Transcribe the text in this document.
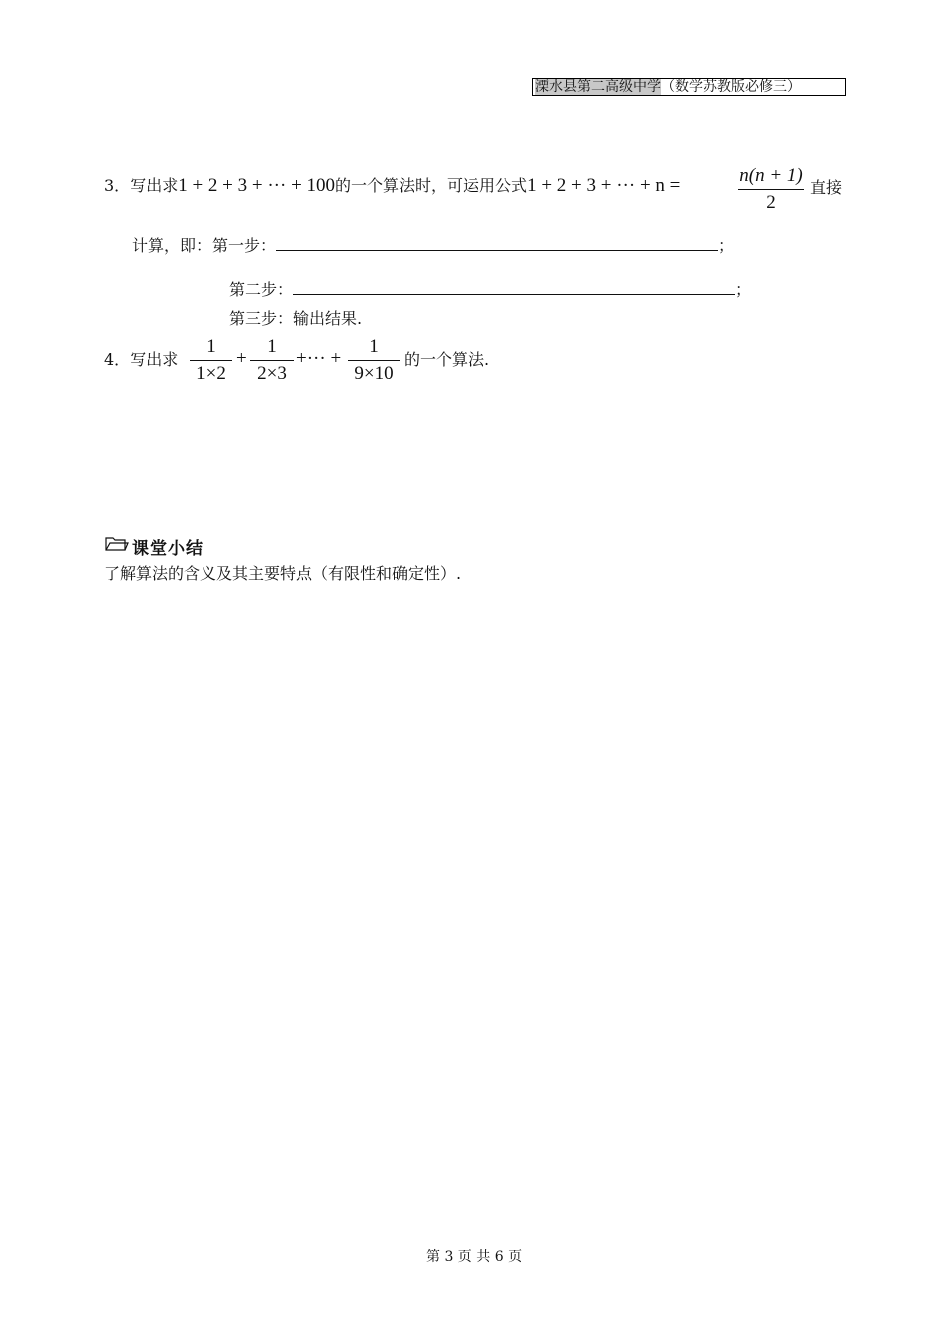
溧水县第二高级中学（数学苏教版必修三）
3．写出求1 + 2 + 3 + ··· + 100的一个算法时，可运用公式1 + 2 + 3 + ··· + n =	n(n + 1)
2
直接
计算，即：第一步：	；
第二步：	；
第三步：输出结果.
4．写出求
1
1×2
+
1
2×3
+··· +
1
9×10
的一个算法.
课堂小结
了解算法的含义及其主要特点（有限性和确定性）.
第 3 页 共 6 页
